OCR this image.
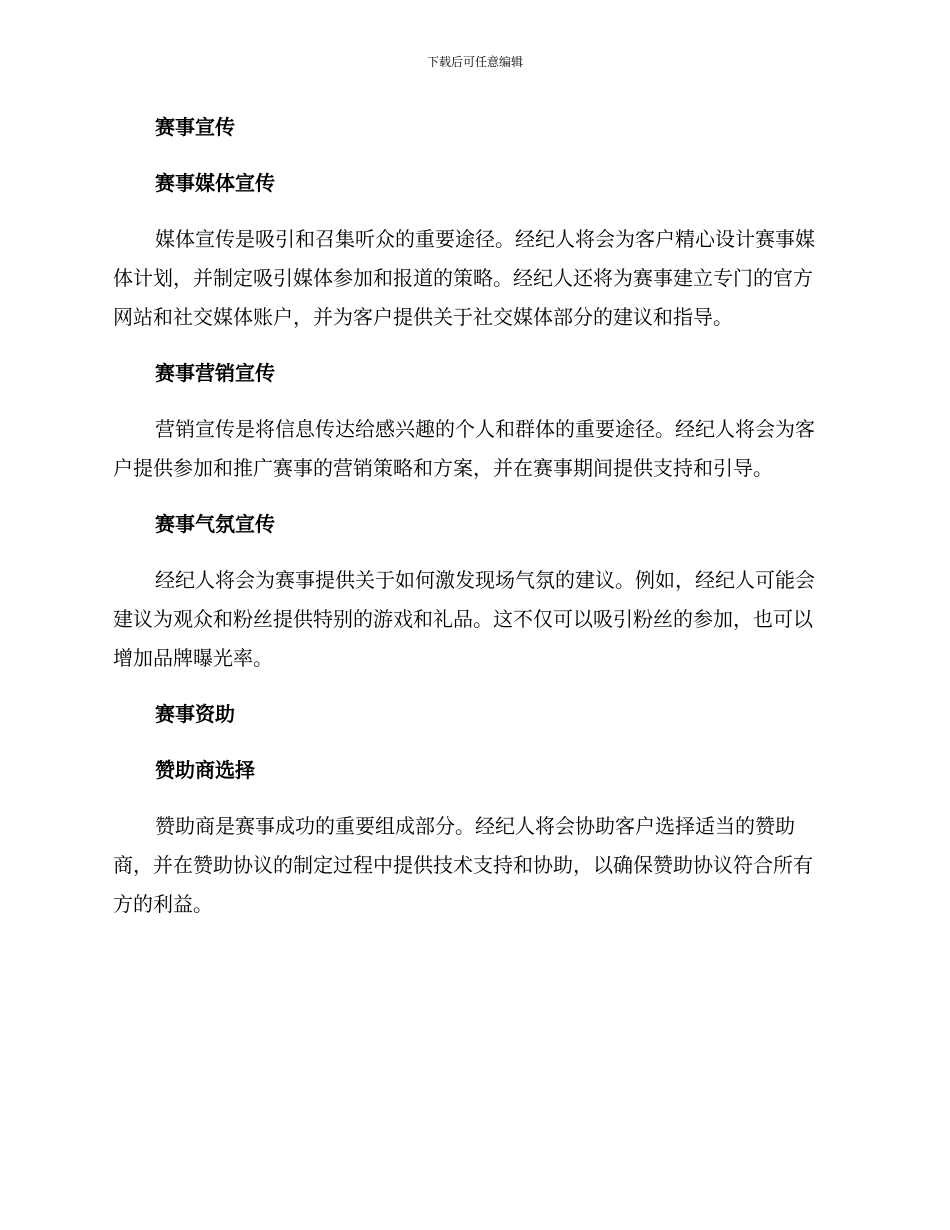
下载后可任意编辑
赛事宣传
赛事媒体宣传

媒体宣传是吸引和召集听众的重要途径。经纪人将会为客户精心设计赛事媒体计划，并制定吸引媒体参加和报道的策略。经纪人还将为赛事建立专门的官方网站和社交媒体账户，并为客户提供关于社交媒体部分的建议和指导。

赛事营销宣传

营销宣传是将信息传达给感兴趣的个人和群体的重要途径。经纪人将会为客户提供参加和推广赛事的营销策略和方案，并在赛事期间提供支持和引导。

赛事气氛宣传

经纪人将会为赛事提供关于如何激发现场气氛的建议。例如，经纪人可能会建议为观众和粉丝提供特别的游戏和礼品。这不仅可以吸引粉丝的参加，也可以增加品牌曝光率。

赛事资助
赞助商选择

赞助商是赛事成功的重要组成部分。经纪人将会协助客户选择适当的赞助商，并在赞助协议的制定过程中提供技术支持和协助，以确保赞助协议符合所有方的利益。
